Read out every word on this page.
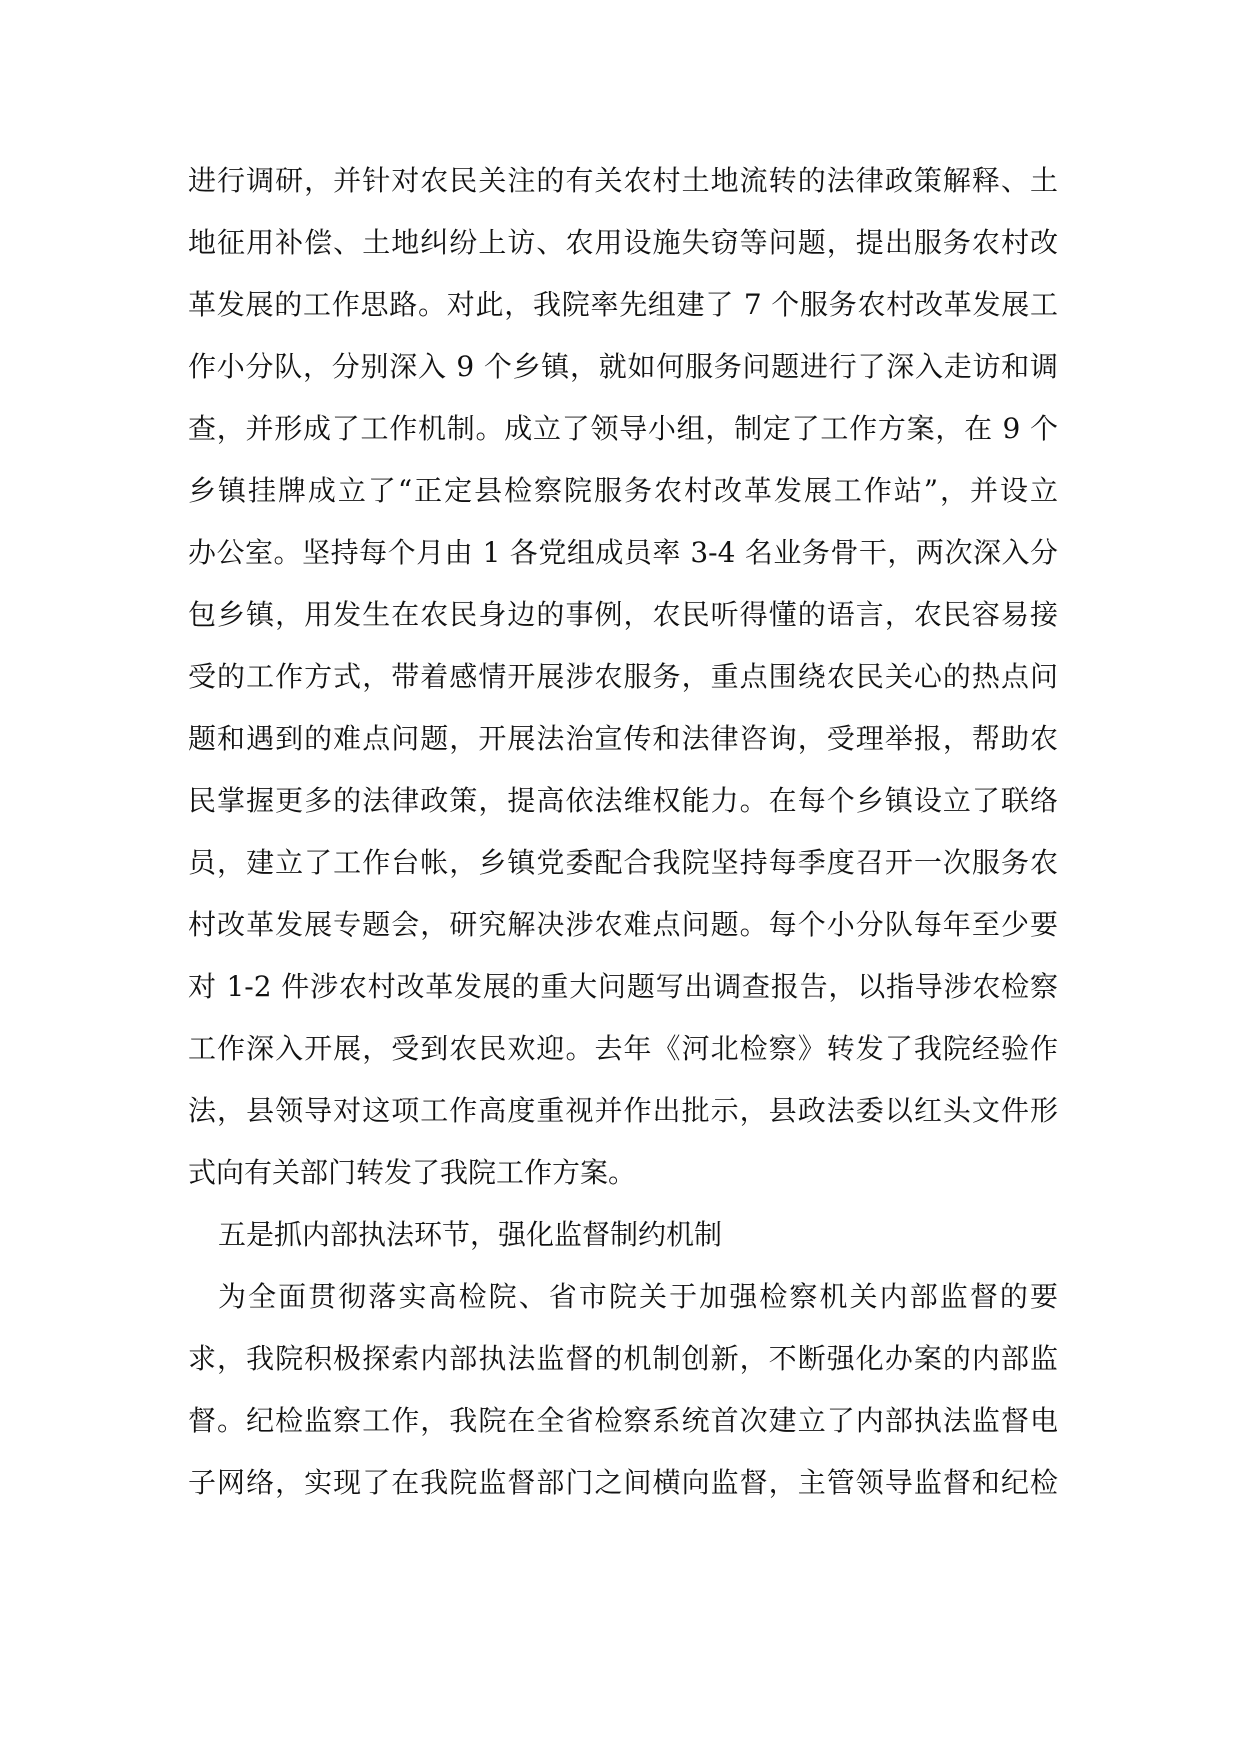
进行调研，并针对农民关注的有关农村土地流转的法律政策解释、土
地征用补偿、土地纠纷上访、农用设施失窃等问题，提出服务农村改
革发展的工作思路。对此，我院率先组建了 7 个服务农村改革发展工
作小分队，分别深入 9 个乡镇，就如何服务问题进行了深入走访和调
查，并形成了工作机制。成立了领导小组，制定了工作方案，在 9 个
乡镇挂牌成立了“正定县检察院服务农村改革发展工作站”，并设立
办公室。坚持每个月由 1 各党组成员率 3-4 名业务骨干，两次深入分
包乡镇，用发生在农民身边的事例，农民听得懂的语言，农民容易接
受的工作方式，带着感情开展涉农服务，重点围绕农民关心的热点问
题和遇到的难点问题，开展法治宣传和法律咨询，受理举报，帮助农
民掌握更多的法律政策，提高依法维权能力。在每个乡镇设立了联络
员，建立了工作台帐，乡镇党委配合我院坚持每季度召开一次服务农
村改革发展专题会，研究解决涉农难点问题。每个小分队每年至少要
对 1-2 件涉农村改革发展的重大问题写出调查报告，以指导涉农检察
工作深入开展，受到农民欢迎。去年《河北检察》转发了我院经验作
法，县领导对这项工作高度重视并作出批示，县政法委以红头文件形
式向有关部门转发了我院工作方案。
五是抓内部执法环节，强化监督制约机制
为全面贯彻落实高检院、省市院关于加强检察机关内部监督的要
求，我院积极探索内部执法监督的机制创新，不断强化办案的内部监
督。纪检监察工作，我院在全省检察系统首次建立了内部执法监督电
子网络，实现了在我院监督部门之间横向监督，主管领导监督和纪检
